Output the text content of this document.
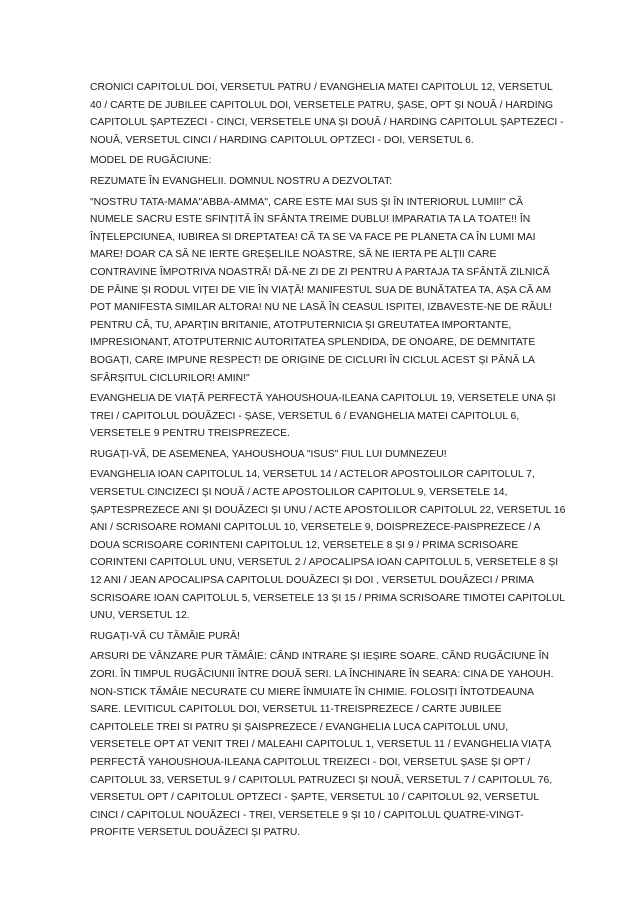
CRONICI CAPITOLUL DOI, VERSETUL PATRU / EVANGHELIA MATEI CAPITOLUL 12, VERSETUL 40 / CARTE DE JUBILEE CAPITOLUL DOI, VERSETELE PATRU, ȘASE, OPT ȘI NOUĂ / HARDING CAPITOLUL ȘAPTEZECI - CINCI, VERSETELE UNA ȘI DOUĂ / HARDING CAPITOLUL ȘAPTEZECI - NOUĂ, VERSETUL CINCI / HARDING CAPITOLUL OPTZECI - DOI, VERSETUL 6.

MODEL DE RUGĂCIUNE:

REZUMATE ÎN EVANGHELII. DOMNUL NOSTRU A DEZVOLTAT:

"NOSTRU TATA-MAMA"ABBA-AMMA", CARE ESTE MAI SUS ȘI ÎN INTERIORUL LUMII!" CĂ NUMELE SACRU ESTE SFINȚITĂ ÎN SFÂNTA TREIME DUBLU! IMPARATIA TA LA TOATE!! ÎN ÎNȚELEPCIUNEA, IUBIREA SI DREPTATEA! CĂ TA SE VA FACE PE PLANETA CA ÎN LUMI MAI MARE! DOAR CA SĂ NE IERTE GREȘELILE NOASTRE, SĂ NE IERTA PE ALȚII CARE CONTRAVINE ÎMPOTRIVA NOASTRĂ! DĂ-NE ZI DE ZI PENTRU A PARTAJA TA SFÂNTĂ ZILNICĂ DE PÂINE ȘI RODUL VIȚEI DE VIE ÎN VIAȚĂ! MANIFESTUL SUA DE BUNĂTATEA TA, AȘA CĂ AM POT MANIFESTA SIMILAR ALTORA! NU NE LASĂ ÎN CEASUL ISPITEI, IZBAVESTE-NE DE RĂUL! PENTRU CĂ, TU, APARȚIN BRITANIE, ATOTPUTERNICIA ȘI GREUTATEA IMPORTANTE, IMPRESIONANT, ATOTPUTERNIC AUTORITATEA SPLENDIDA, DE ONOARE, DE DEMNITATE BOGAȚI, CARE IMPUNE RESPECT! DE ORIGINE DE CICLURI ÎN CICLUL ACEST ȘI PÂNĂ LA SFÂRȘITUL CICLURILOR! AMIN!"

EVANGHELIA DE VIAȚĂ PERFECTĂ YAHOUSHOUA-ILEANA CAPITOLUL 19, VERSETELE UNA ȘI TREI / CAPITOLUL DOUĂZECI - ȘASE, VERSETUL 6 / EVANGHELIA MATEI CAPITOLUL 6, VERSETELE 9 PENTRU TREISPREZECE.

RUGAȚI-VĂ, DE ASEMENEA, YAHOUSHOUA "ISUS" FIUL LUI DUMNEZEU!

EVANGHELIA IOAN CAPITOLUL 14, VERSETUL 14 / ACTELOR APOSTOLILOR CAPITOLUL 7, VERSETUL CINCIZECI ȘI NOUĂ / ACTE APOSTOLILOR CAPITOLUL 9, VERSETELE 14, ȘAPTESPREZECE ANI ȘI DOUĂZECI ȘI UNU / ACTE APOSTOLILOR CAPITOLUL 22, VERSETUL 16 ANI / SCRISOARE ROMANI CAPITOLUL 10, VERSETELE 9, DOISPREZECE-PAISPREZECE / A DOUA SCRISOARE CORINTENI CAPITOLUL 12, VERSETELE 8 ȘI 9 / PRIMA SCRISOARE CORINTENI CAPITOLUL UNU, VERSETUL 2 / APOCALIPSA IOAN CAPITOLUL 5, VERSETELE 8 ȘI 12 ANI / JEAN APOCALIPSA CAPITOLUL DOUĂZECI ȘI DOI , VERSETUL DOUĂZECI / PRIMA SCRISOARE IOAN CAPITOLUL 5, VERSETELE 13 ȘI 15 / PRIMA SCRISOARE TIMOTEI CAPITOLUL UNU, VERSETUL 12.

RUGAȚI-VĂ CU TĂMÂIE PURĂ!

ARSURI DE VÂNZARE PUR TĂMÂIE: CÂND INTRARE ȘI IEȘIRE SOARE. CÂND RUGĂCIUNE ÎN ZORI. ÎN TIMPUL RUGĂCIUNII ÎNTRE DOUĂ SERI. LA ÎNCHINARE ÎN SEARA: CINA DE YAHOUH. NON-STICK TĂMÂIE NECURATE CU MIERE ÎNMUIATE ÎN CHIMIE. FOLOSIȚI ÎNTOTDEAUNA SARE. LEVITICUL CAPITOLUL DOI, VERSETUL 11-TREISPREZECE / CARTE JUBILEE CAPITOLELE TREI SI PATRU ȘI ȘAISPREZECE / EVANGHELIA LUCA CAPITOLUL UNU, VERSETELE OPT AT VENIT TREI / MALEAHI CAPITOLUL 1, VERSETUL 11 / EVANGHELIA VIAȚA PERFECTĂ YAHOUSHOUA-ILEANA CAPITOLUL TREIZECI - DOI, VERSETUL ȘASE ȘI OPT / CAPITOLUL 33, VERSETUL 9 / CAPITOLUL PATRUZECI ȘI NOUĂ, VERSETUL 7 / CAPITOLUL 76, VERSETUL OPT / CAPITOLUL OPTZECI - ȘAPTE, VERSETUL 10 / CAPITOLUL 92, VERSETUL CINCI / CAPITOLUL NOUĂZECI - TREI, VERSETELE 9 ȘI 10 / CAPITOLUL QUATRE-VINGT-PROFITE VERSETUL DOUĂZECI ȘI PATRU.
